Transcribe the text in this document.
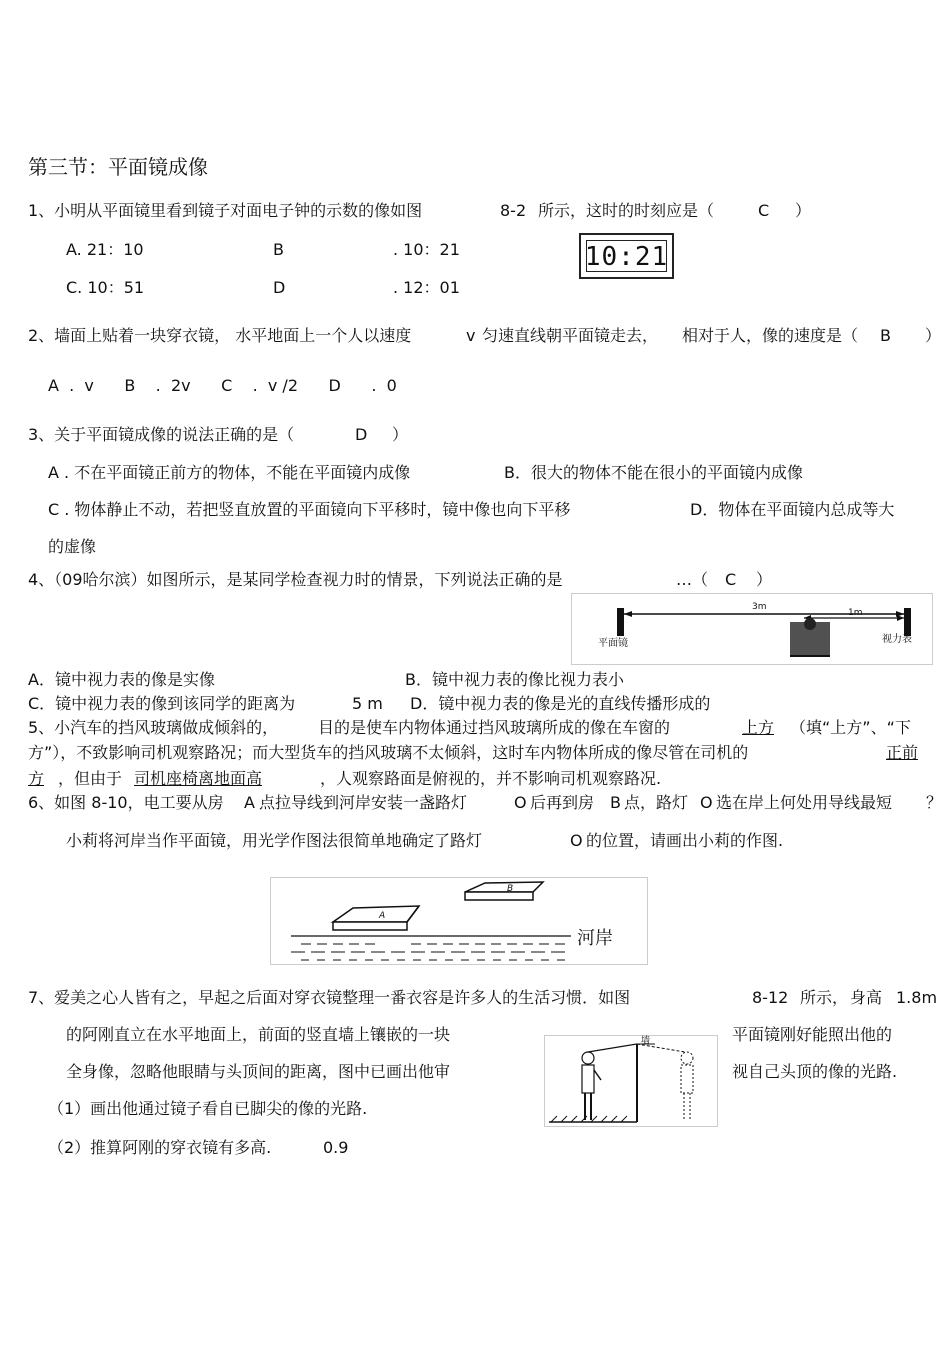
第三节：平面镜成像
1、小明从平面镜里看到镜子对面电子钟的示数的像如图	8-2 所示，这时的时刻应是（	C ）
A. 21：10	B	. 10：21
C. 10：51	D	. 12：01
10:21
2、墙面上贴着一块穿衣镜， 水平地面上一个人以速度	v 匀速直线朝平面镜走去， 相对于人，像的速度是（ B ）
A  .  v      B    .  2v      C    .  v /2      D      .  0
3、关于平面镜成像的说法正确的是（	D ）
A . 不在平面镜正前方的物体，不能在平面镜内成像	B．很大的物体不能在很小的平面镜内成像
C . 物体静止不动，若把竖直放置的平面镜向下平移时，镜中像也向下平移	D．物体在平面镜内总成等大
的虚像
4、（09哈尔滨）如图所示，是某同学检查视力时的情景，下列说法正确的是	…（ C ）
3m
1m
平面镜	视力表
A．镜中视力表的像是实像	B．镜中视力表的像比视力表小
C．镜中视力表的像到该同学的距离为	5 m D．镜中视力表的像是光的直线传播形成的
5、小汽车的挡风玻璃做成倾斜的， 目的是使车内物体通过挡风玻璃所成的像在车窗的	上方 （填“上方”、“下
方”），不致影响司机观察路况；而大型货车的挡风玻璃不太倾斜，这时车内物体所成的像尽管在司机的	正前
方 ，但由于 司机座椅离地面高	，人观察路面是俯视的，并不影响司机观察路况.
6、如图 8-10，电工要从房 A 点拉导线到河岸安装一盏路灯	O 后再到房 B 点，路灯 O 选在岸上何处用导线最短 ？
小莉将河岸当作平面镜，用光学作图法很简单地确定了路灯	O 的位置，请画出小莉的作图.
A
B
河岸
7、爱美之心人皆有之，早起之后面对穿衣镜整理一番衣容是许多人的生活习惯．如图	8-12 所示， 身高 1.8m
的阿刚直立在水平地面上，前面的竖直墙上镶嵌的一块	平面镜刚好能照出他的
全身像，忽略他眼睛与头顶间的距离，图中已画出他审	视自己头顶的像的光路.
（1）画出他通过镜子看自已脚尖的像的光路.
（2）推算阿刚的穿衣镜有多高.	0.9
墙
